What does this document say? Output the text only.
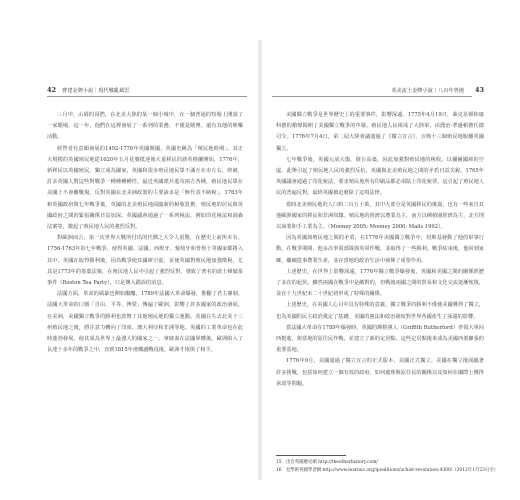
42 曹建金牌小說｜現代戰亂風雲

三月中，山姆的哥們，在北美大陸的某一個小城中，在一個普通的牧場上開設了一家賭場。這一年，他們在這裡發展了一系列的業務，不僅是賭博，還有其他的娛樂活動。

經營者有意願發展的1492-1776年英國開國，英國史稱為「殖民地時期」。其正大規模的英國殖民地從1620年五月花號抵達後大量移民的新英格蘭開始，1776年，新移民以英國殖民。獨立成為國家，英國和很多殖民地民眾不滿互在市左右，終被，許多英國人對這些對戰爭一種種種種性，最近英國派兵進攻兩方各種，殖民地民眾在美國上不會離戰場。反對英國在北美洲政策的主要訴求是「無代表不納稅」。1763年和英國政府與七年戰爭後，英國的北美殖民地面臨新的稅收負擔，殖民地的居民與英國政府之間的緊張關係日益加深。英國議會通過了一系列稅法，例如印花稅法和湯森法案等，激起了殖民地人民的強烈反對。

對歐洲而言，第一次世界大戰所付出的代價之大令人震驚，在歷史上前所未有。1756-1763年的七年戰爭，使得英國、法國、西班牙、葡萄牙和普魯士等國家都捲入其中。英國在取得勝利後，因為戰爭使其國庫空虛，並使英國對殖民地加強徵稅，尤其是1773年的茶葉法案，在殖民地人民中引起了強烈反對，導致了著名的波士頓傾茶事件（Boston Tea Party）。只是傳入錯誤的消息。

法國方面，革命的風暴也開始醞釀，1789年法國大革命爆發，推翻了君主專制。法國大革命的口號「自由、平等、博愛」傳遍了歐洲，影響了許多國家的政治發展。在美洲，美國獨立戰爭的勝利也鼓舞了其他殖民地的獨立運動。英國在失去北美十三州殖民地之後，將注意力轉向了印度、澳大利亞和非洲等地。英國的工業革命也在此時蓬勃發展，使其成為世界上最強大的國家之一。拿破崙在法國掌權後，歐洲陷入了長達十多年的戰爭之中，直到1815年滑鐵盧戰役後，歐洲才恢復了和平。

英美流土金牌小說｜八百年曾遇 43

美國獨立戰爭是世界歷史上的重要事件，影響深遠。1775年4月19日，萊克星頓和康科德的槍聲揭開了美國獨立戰爭的序幕。殖民地人民組成了大陸軍，由喬治·華盛頓擔任總司令。1776年7月4日，第二屆大陸會議通過了《獨立宣言》，宣佈十三個殖民地脫離英國獨立。

七年戰爭後，英國元氣大傷，債台高築，因此加強對殖民地的稅收，以彌補國庫的空虛。此舉引起了殖民地人民的強烈反抗，英國與北美殖民地之間的矛盾日益尖銳。1765年英國議會通過了印花稅法，要求殖民地所有印刷品都必須貼上印花稅票，這引起了殖民地人民的普遍反對，最終英國被迫廢除了這項法律。

當時北美殖民地的人口約二百五十萬，其中大部分是英國移民的後裔，也有一些來自其他歐洲國家的移民和非洲奴隸。殖民地的經濟以農業為主，南方以種植園經濟為主，北方則以商業和手工業為主。（Mooney 2005; Mooney 2006; Mails 1992）。

因為英國與殖民地之間的矛盾，在1776年美國獨立戰爭中，切斯基發動了他的軍事行動。在戰爭期間，他多次率領部隊與英軍作戰，並取得了一些勝利。戰爭結束後，他回到家鄉，繼續從事農業生產，並在當地的政治生活中發揮了重要作用。

上述歷史，在世界上影響深遠，1776年獨立戰爭爆發後，英國和美國之間的關係經歷了多次的起伏。雖然兩國在戰爭中是敵對的，但戰後兩國之間的貿易和文化交流逐漸恢復，並在十九世紀末二十世紀初形成了特殊的關係。

上述歷史，在美國人心目中具有特殊的意義。獨立戰爭的勝利不僅使美國獲得了獨立，也為美國的民主政治奠定了基礎。美國的憲法和政治制度對世界各國產生了深遠的影響。

當法國大革命在1789年爆發時，英國的輝格黨人（Griffith Rutherford）率領大軍向西挺進，與當地的原住民作戰，並建立了新的定居點。這些定居點後來成為美國西部擴張的重要基地。

1776年9月，美國通過了獨立宣言的正式版本，美國正式獨立。美國在獨立後面臨著許多挑戰，包括如何建立一個有效的政府、如何處理與原住民的關係以及如何在國際上獲得承認等問題。

15　出自英國歷史網 http://theotherhistory.com/
16　見學術英國學習網 http://www.learnuc.org/ip/editions/uchist-revolution-4300/（2012年1月23日引）
